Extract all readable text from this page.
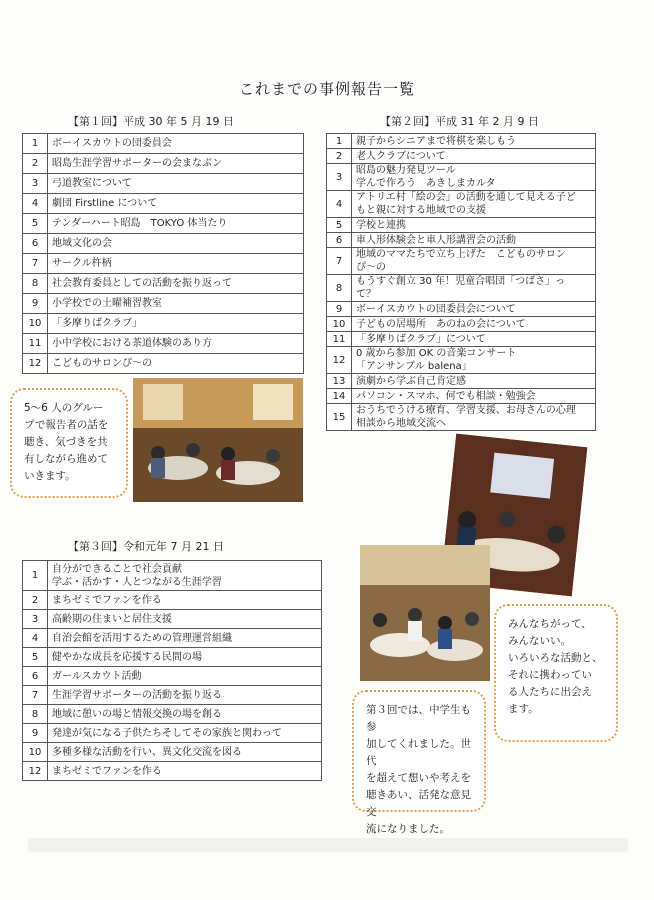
これまでの事例報告一覧
【第１回】平成 30 年 5 月 19 日
1	ボーイスカウトの団委員会

2	昭島生涯学習サポーターの会まなぶン

3	弓道教室について

4	劇団 Firstline について

5	テンダーハート昭島　TOKYO 体当たり

6	地域文化の会

7	サークル杵柄

8	社会教育委員としての活動を振り返って

9	小学校での土曜補習教室

10	「多摩りばクラブ」

11	小中学校における茶道体験のあり方

12	こどものサロンぴ～の
【第２回】平成 31 年 2 月 9 日
1	親子からシニアまで将棋を楽しもう

2	老人クラブについて

3	昭島の魅力発見ツール
学んで作ろう　あきしまカルタ

4	アトリエ村「絵の会」の活動を通して見える子ど
もと親に対する地域での支援

5	学校と連携

6	車人形体験会と車人形講習会の活動

7	地域のママたちで立ち上げた　こどものサロン
ぴ～の

8	もうすぐ創立 30 年！児童合唱団「つばさ」っ
て？

9	ボーイスカウトの団委員会について

10	子どもの居場所　あのねの会について

11	「多摩りばクラブ」について

12	0 歳から参加 OK の音楽コンサート
「アンサンブル balena」

13	演劇から学ぶ自己肯定感

14	パソコン・スマホ、何でも相談・勉強会

15	おうちでうける療育、学習支援、お母さんの心理
相談から地域交流へ
【第３回】令和元年 7 月 21 日
1	自分ができることで社会貢献
学ぶ・活かす・人とつながる生涯学習

2	まちゼミでファンを作る

3	高齢期の住まいと居住支援

4	自治会館を活用するための管理運営組織

5	健やかな成長を応援する民間の場

6	ガールスカウト活動

7	生涯学習サポーターの活動を振り返る

8	地域に憩いの場と情報交換の場を創る

9	発達が気になる子供たちそしてその家族と関わって

10	多種多様な活動を行い、異文化交流を図る

12	まちゼミでファンを作る
5～6 人のグルー
プで報告者の話を
聴き、気づきを共
有しながら進めて
いきます。
みんなちがって、
みんないい。
いろいろな活動と、
それに携わってい
る人たちに出会え
ます。
第３回では、中学生も参
加してくれました。世代
を超えて想いや考えを
聴きあい、活発な意見交
流になりました。
